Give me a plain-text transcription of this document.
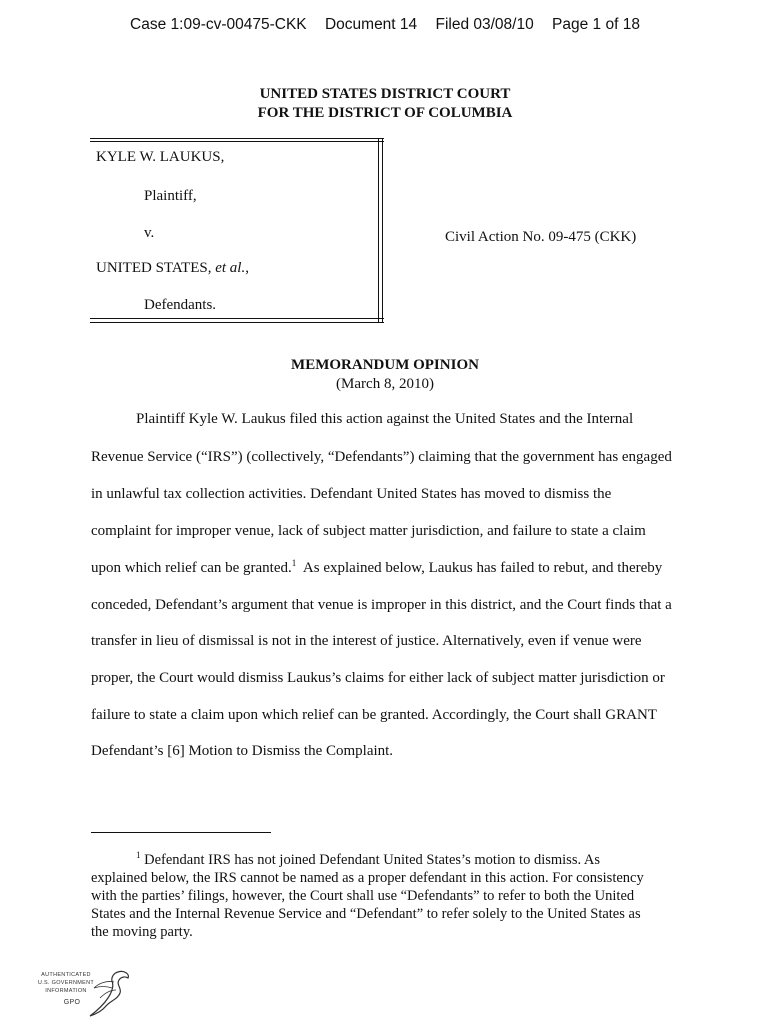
Case 1:09-cv-00475-CKK Document 14 Filed 03/08/10 Page 1 of 18
UNITED STATES DISTRICT COURT
FOR THE DISTRICT OF COLUMBIA
KYLE W. LAUKUS,
Plaintiff,
v.
UNITED STATES, et al.,
Defendants.
Civil Action No. 09-475 (CKK)
MEMORANDUM OPINION
(March 8, 2010)
Plaintiff Kyle W. Laukus filed this action against the United States and the Internal
Revenue Service (“IRS”) (collectively, “Defendants”) claiming that the government has engaged
in unlawful tax collection activities. Defendant United States has moved to dismiss the
complaint for improper venue, lack of subject matter jurisdiction, and failure to state a claim
upon which relief can be granted.$^1$  As explained below, Laukus has failed to rebut, and thereby
conceded, Defendant’s argument that venue is improper in this district, and the Court finds that a
transfer in lieu of dismissal is not in the interest of justice. Alternatively, even if venue were
proper, the Court would dismiss Laukus’s claims for either lack of subject matter jurisdiction or
failure to state a claim upon which relief can be granted. Accordingly, the Court shall GRANT
Defendant’s [6] Motion to Dismiss the Complaint.
$^1$ Defendant IRS has not joined Defendant United States’s motion to dismiss. As
explained below, the IRS cannot be named as a proper defendant in this action. For consistency
with the parties’ filings, however, the Court shall use “Defendants” to refer to both the United
States and the Internal Revenue Service and “Defendant” to refer solely to the United States as
the moving party.
AUTHENTICATED
U.S. GOVERNMENT
INFORMATION
GPO
